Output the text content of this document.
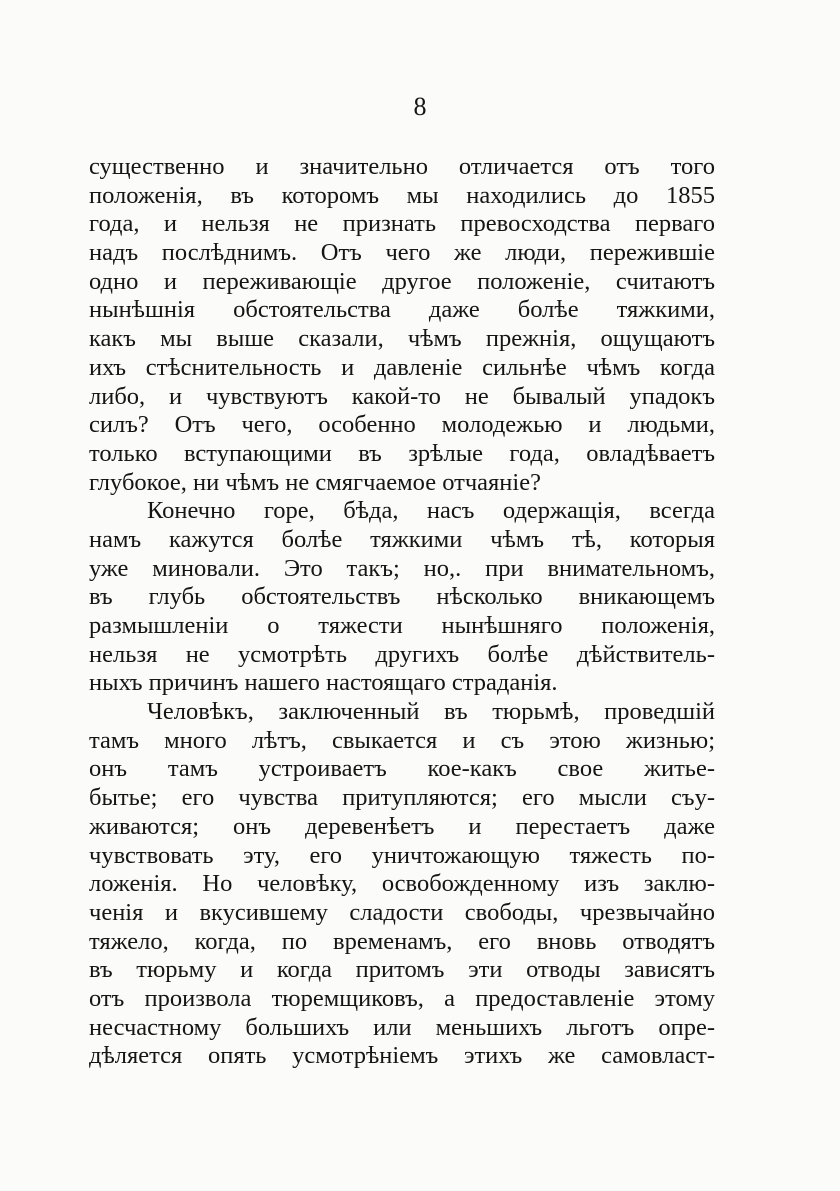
8
существенно и значительно отличается отъ того
положенія, въ которомъ мы находились до 1855
года, и нельзя не признать превосходства перваго
надъ послѣднимъ. Отъ чего же люди, пережившіе
одно и переживающіе другое положеніе, считаютъ
нынѣшнія обстоятельства даже болѣе тяжкими,
какъ мы выше сказали, чѣмъ прежнія, ощущаютъ
ихъ стѣснительность и давленіе сильнѣе чѣмъ когда
либо, и чувствуютъ какой-то не бывалый упадокъ
силъ? Отъ чего, особенно молодежью и людьми,
только вступающими въ зрѣлые года, овладѣваетъ
глубокое, ни чѣмъ не смягчаемое отчаяніе?
Конечно горе, бѣда, насъ одержащія, всегда
намъ кажутся болѣе тяжкими чѣмъ тѣ, которыя
уже миновали. Это такъ; но,. при внимательномъ,
въ глубь обстоятельствъ нѣсколько вникающемъ
размышленіи о тяжести нынѣшняго положенія,
нельзя не усмотрѣть другихъ болѣе дѣйствитель-
ныхъ причинъ нашего настоящаго страданія.
Человѣкъ, заключенный въ тюрьмѣ, проведшій
тамъ много лѣтъ, свыкается и съ этою жизнью;
онъ тамъ устроиваетъ кое-какъ свое житье-
бытье; его чувства притупляются; его мысли съу-
живаются; онъ деревенѣетъ и перестаетъ даже
чувствовать эту, его уничтожающую тяжесть по-
ложенія. Но человѣку, освобожденному изъ заклю-
ченія и вкусившему сладости свободы, чрезвычайно
тяжело, когда, по временамъ, его вновь отводятъ
въ тюрьму и когда притомъ эти отводы зависятъ
отъ произвола тюремщиковъ, а предоставленіе этому
несчастному большихъ или меньшихъ льготъ опре-
дѣляется опять усмотрѣніемъ этихъ же самовласт-
